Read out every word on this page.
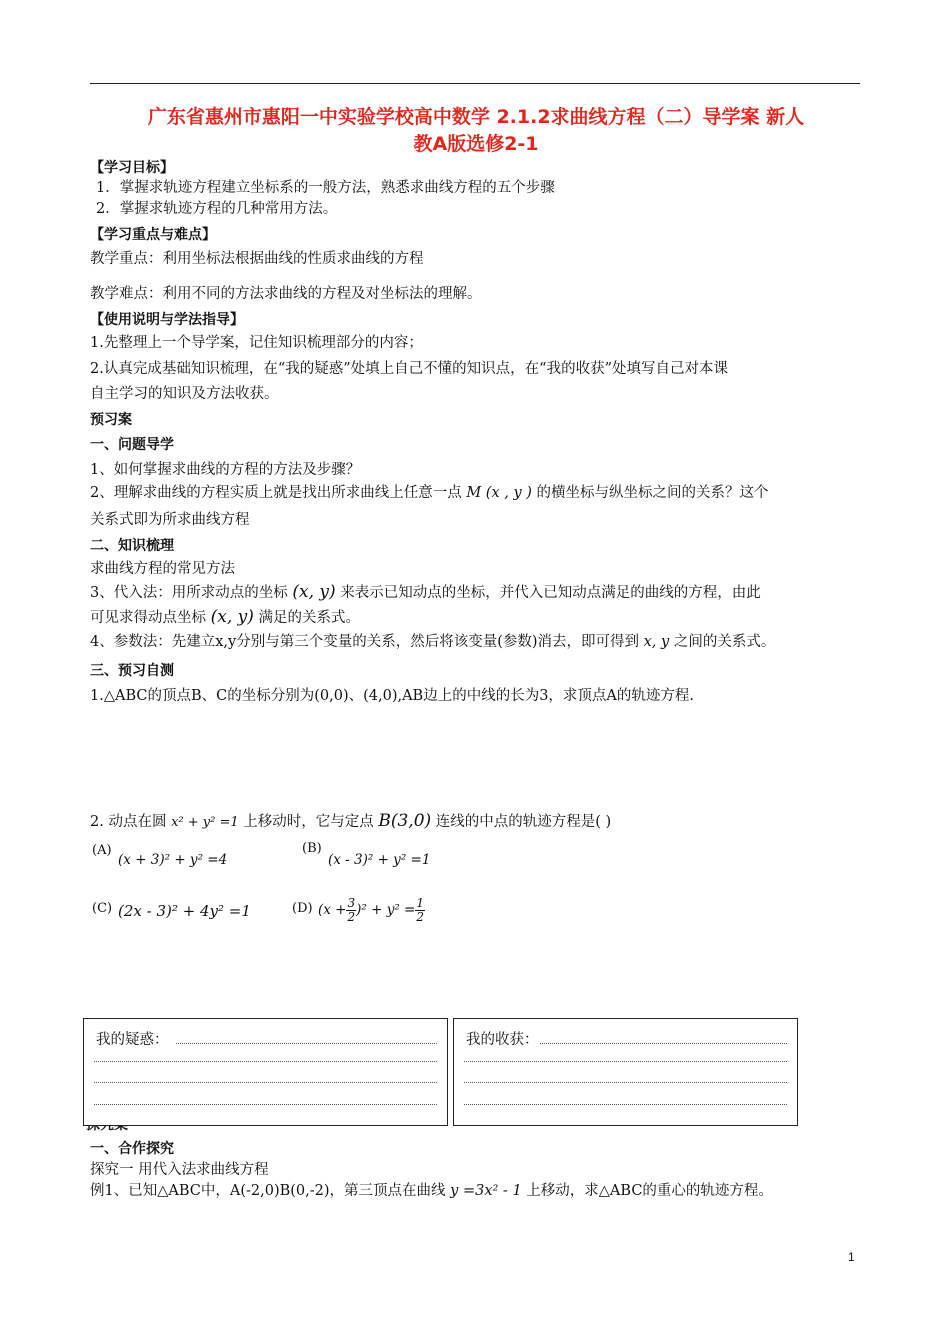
广东省惠州市惠阳一中实验学校高中数学 2.1.2求曲线方程（二）导学案 新人
教A版选修2-1
【学习目标】
1．掌握求轨迹方程建立坐标系的一般方法，熟悉求曲线方程的五个步骤
2．掌握求轨迹方程的几种常用方法。
【学习重点与难点】
教学重点：利用坐标法根据曲线的性质求曲线的方程
教学难点：利用不同的方法求曲线的方程及对坐标法的理解。
【使用说明与学法指导】
1.先整理上一个导学案，记住知识梳理部分的内容；
2.认真完成基础知识梳理，在“我的疑惑”处填上自己不懂的知识点，在“我的收获”处填写自己对本课
自主学习的知识及方法收获。
预习案
一、问题导学
1、如何掌握求曲线的方程的方法及步骤？
2、理解求曲线的方程实质上就是找出所求曲线上任意一点 M (x , y ) 的横坐标与纵坐标之间的关系？这个
关系式即为所求曲线方程
二、知识梳理
求曲线方程的常见方法
3、代入法：用所求动点的坐标 (x, y) 来表示已知动点的坐标，并代入已知动点满足的曲线的方程，由此
可见求得动点坐标 (x, y) 满足的关系式。
4、参数法：先建立x,y分别与第三个变量的关系，然后将该变量(参数)消去，即可得到 x, y 之间的关系式。
三、预习自测
1.△ABC的顶点B、C的坐标分别为(0,0)、(4,0),AB边上的中线的长为3，求顶点A的轨迹方程.
2. 动点在圆 x² + y² =1 上移动时，它与定点 B(3,0) 连线的中点的轨迹方程是( )
(A)
(x + 3)² + y² =4
(B)
(x - 3)² + y² =1
(C) (2x - 3)² + 4y² =1	(D) $(x + \frac{3}{2} )^2 + y^2 = \frac{1}{2}$
一、合作探究
探究一 用代入法求曲线方程
例1、已知△ABC中，A(-2,0)B(0,-2)，第三顶点在曲线 y =3x² - 1 上移动，求△ABC的重心的轨迹方程。
我的疑惑：	我的收获：
1
